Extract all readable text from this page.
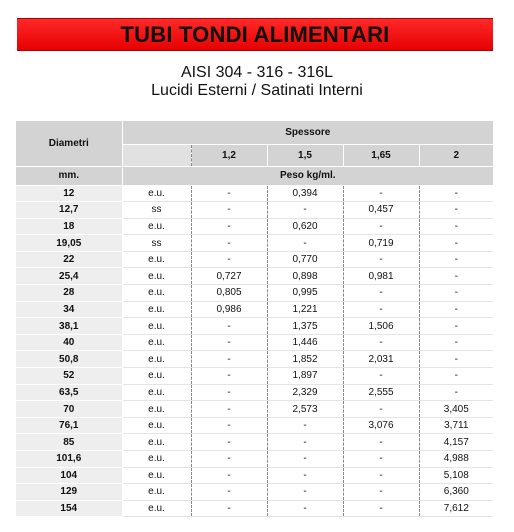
TUBI TONDI ALIMENTARI
AISI 304 - 316 - 316L
Lucidi Esterni / Satinati Interni
Diametri	Spessore				
		1,2	1,5	1,65	2
mm.	Peso kg/ml.				
12	e.u.	-	0,394	-	-
12,7	ss	-	-	0,457	-
18	e.u.	-	0,620	-	-
19,05	ss	-	-	0,719	-
22	e.u.	-	0,770	-	-
25,4	e.u.	0,727	0,898	0,981	-
28	e.u.	0,805	0,995	-	-
34	e.u.	0,986	1,221	-	-
38,1	e.u.	-	1,375	1,506	-
40	e.u.	-	1,446	-	-
50,8	e.u.	-	1,852	2,031	-
52	e.u.	-	1,897	-	-
63,5	e.u.	-	2,329	2,555	-
70	e.u.	-	2,573	-	3,405
76,1	e.u.	-	-	3,076	3,711
85	e.u.	-	-	-	4,157
101,6	e.u.	-	-	-	4,988
104	e.u.	-	-	-	5,108
129	e.u.	-	-	-	6,360
154	e.u.	-	-	-	7,612
